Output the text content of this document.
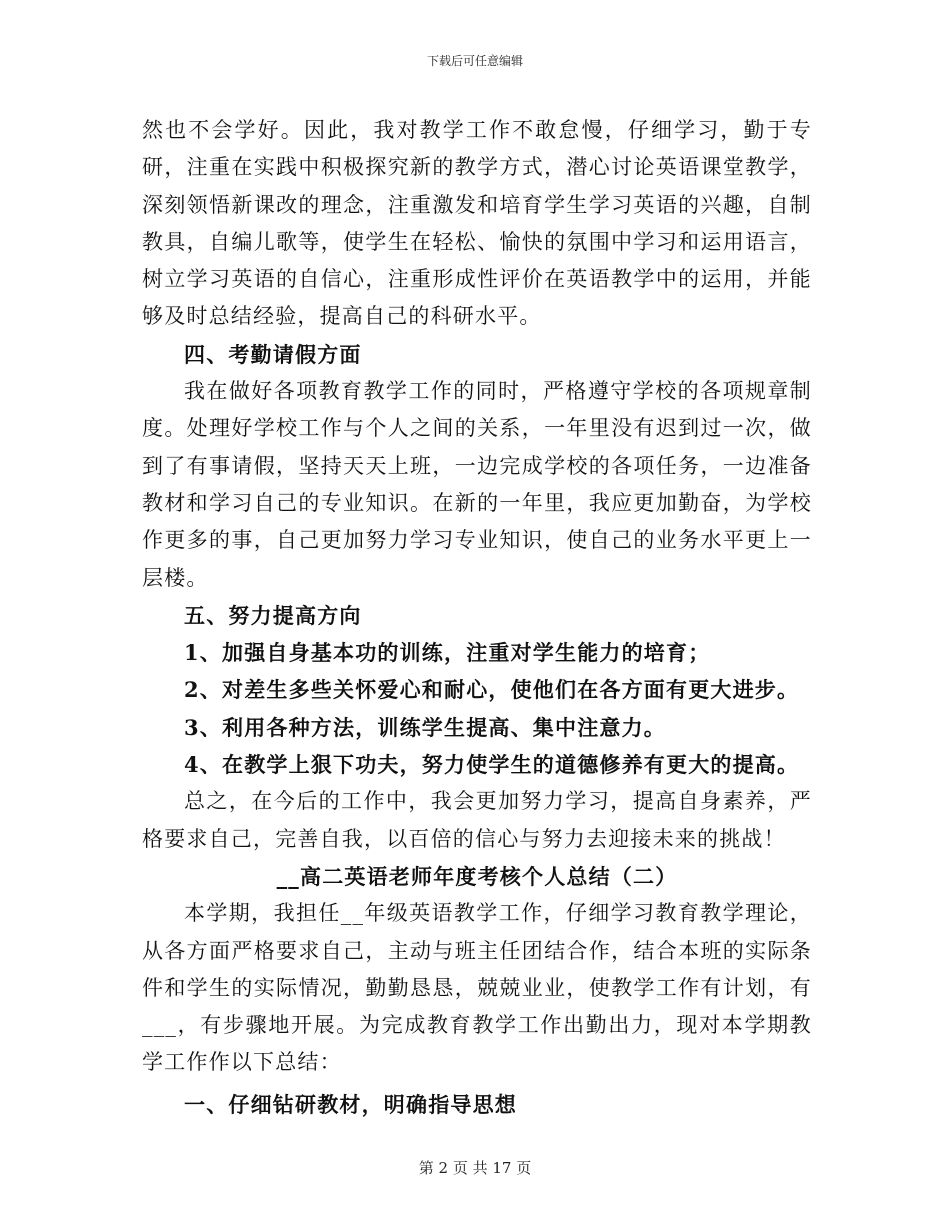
下载后可任意编辑

然也不会学好。因此，我对教学工作不敢怠慢，仔细学习，勤于专研，注重在实践中积极探究新的教学方式，潜心讨论英语课堂教学，深刻领悟新课改的理念，注重激发和培育学生学习英语的兴趣，自制教具，自编儿歌等，使学生在轻松、愉快的氛围中学习和运用语言，树立学习英语的自信心，注重形成性评价在英语教学中的运用，并能够及时总结经验，提高自己的科研水平。

四、考勤请假方面

我在做好各项教育教学工作的同时，严格遵守学校的各项规章制度。处理好学校工作与个人之间的关系，一年里没有迟到过一次，做到了有事请假，坚持天天上班，一边完成学校的各项任务，一边准备教材和学习自己的专业知识。在新的一年里，我应更加勤奋，为学校作更多的事，自己更加努力学习专业知识，使自己的业务水平更上一层楼。

五、努力提高方向

1、加强自身基本功的训练，注重对学生能力的培育；

2、对差生多些关怀爱心和耐心，使他们在各方面有更大进步。

3、利用各种方法，训练学生提高、集中注意力。

4、在教学上狠下功夫，努力使学生的道德修养有更大的提高。

总之，在今后的工作中，我会更加努力学习，提高自身素养，严格要求自己，完善自我，以百倍的信心与努力去迎接未来的挑战！

__高二英语老师年度考核个人总结（二）

本学期，我担任__年级英语教学工作，仔细学习教育教学理论，从各方面严格要求自己，主动与班主任团结合作，结合本班的实际条件和学生的实际情况，勤勤恳恳，兢兢业业，使教学工作有计划，有___，有步骤地开展。为完成教育教学工作出勤出力，现对本学期教学工作作以下总结：

一、仔细钻研教材，明确指导思想

第 2 页 共 17 页
